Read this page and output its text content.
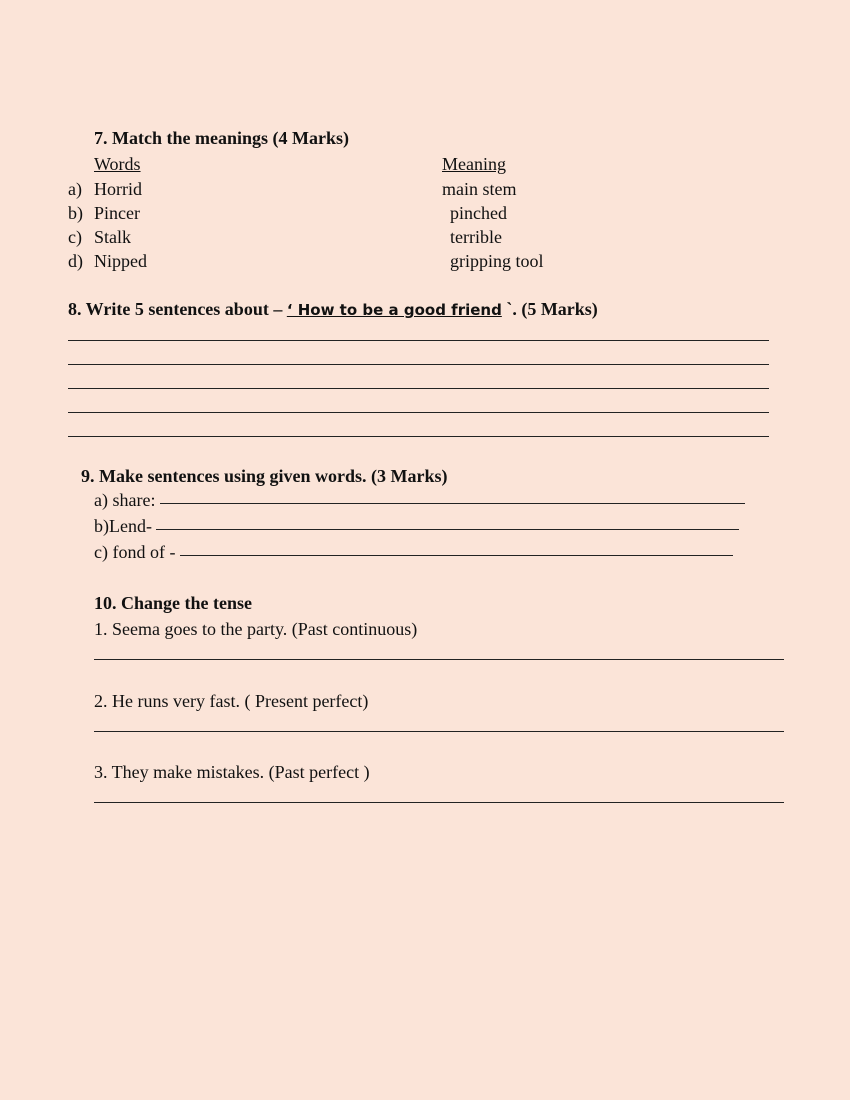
7. Match the meanings (4 Marks)
Words	Meaning
a) Horrid	main stem
b) Pincer	pinched
c) Stalk	terrible
d) Nipped	gripping tool
8. Write 5 sentences about – ‘ How to be a good friend `. (5 Marks)
9. Make sentences using given words. (3 Marks)
a) share:
b)Lend-
c) fond of -
10. Change the tense
1. Seema goes to the party. (Past continuous)
2. He runs very fast. ( Present perfect)
3. They make mistakes. (Past perfect )
